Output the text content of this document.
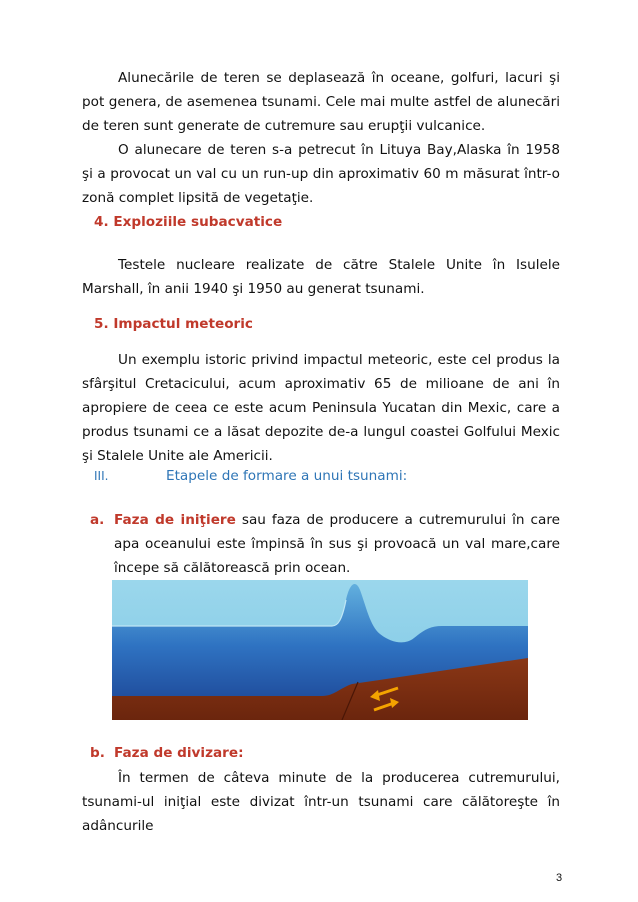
Alunecările de teren se deplasează în oceane, golfuri, lacuri şi pot genera, de asemenea tsunami. Cele mai multe astfel de alunecări de teren sunt generate de cutremure sau erupţii vulcanice.
O alunecare de teren s-a petrecut în Lituya Bay,Alaska în 1958 şi a provocat un val cu un run-up din aproximativ 60 m măsurat într-o zonă complet lipsită de vegetaţie.
4. Exploziile subacvatice
Testele nucleare realizate de către Stalele Unite în Isulele Marshall, în anii 1940 şi 1950 au generat tsunami.
5. Impactul meteoric
Un exemplu istoric privind impactul meteoric, este cel produs la sfârşitul Cretacicului, acum aproximativ 65 de milioane de ani în apropiere de ceea ce este acum Peninsula Yucatan din Mexic, care a produs tsunami ce a lăsat depozite de-a lungul coastei Golfului Mexic şi Stalele Unite ale Americii.
III.	Etapele de formare a unui tsunami:
a. Faza de iniţiere sau faza de producere a cutremurului în care apa oceanului este împinsă în sus şi provoacă un val mare,care începe să călătorească prin ocean.
b. Faza de divizare:
În termen de câteva minute de la producerea cutremurului, tsunami-ul iniţial este divizat într-un tsunami care călătoreşte în adâncurile
3
